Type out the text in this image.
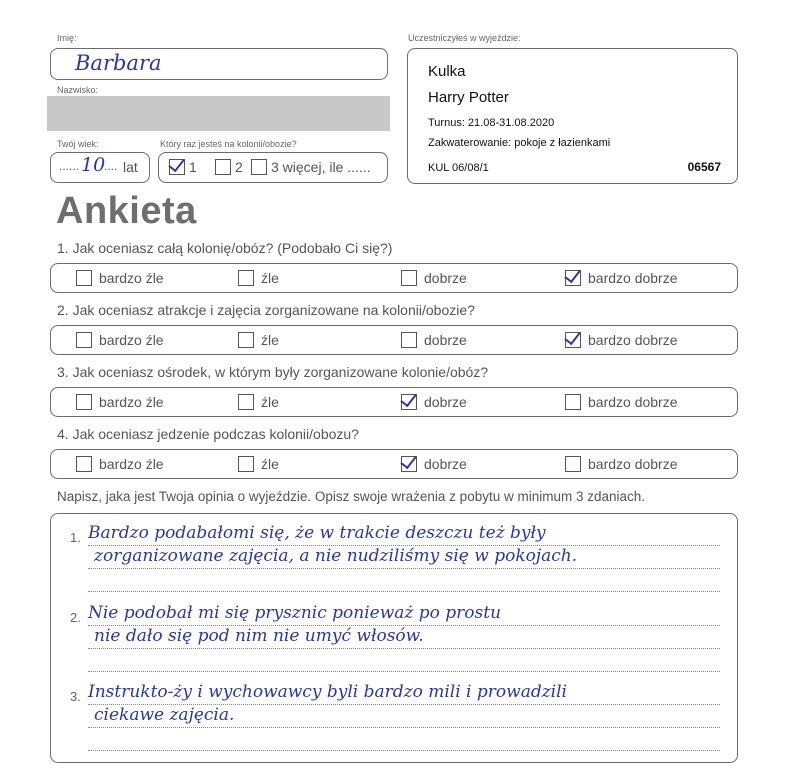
Imię:
Barbara
Nazwisko:
Twój wiek:
...... 10
.... lat
Który raz jesteś na kolonii/obozie?
1	2 3 więcej, ile ......
Uczestniczyłeś w wyjeździe:
Kulka
Harry Potter
Turnus: 21.08-31.08.2020
Zakwaterowanie: pokoje z łazienkami
KUL 06/08/1	06567
Ankieta
1. Jak oceniasz całą kolonię/obóz? (Podobało Ci się?)
bardzo źle	źle	dobrze	bardzo dobrze
2. Jak oceniasz atrakcje i zajęcia zorganizowane na kolonii/obozie?
bardzo źle	źle	dobrze	bardzo dobrze
3. Jak oceniasz ośrodek, w którym były zorganizowane kolonie/obóz?
bardzo źle	źle	dobrze	bardzo dobrze
4. Jak oceniasz jedzenie podczas kolonii/obozu?
bardzo źle	źle	dobrze	bardzo dobrze
Napisz, jaka jest Twoja opinia o wyjeździe. Opisz swoje wrażenia z pobytu w minimum 3 zdaniach.
1. Bardzo podabałomi się, że w trakcie deszczu też były
zorganizowane zajęcia, a nie nudziliśmy się w pokojach.
2. Nie podobał mi się prysznic ponieważ po prostu
nie dało się pod nim nie umyć włosów.
3. Instrukto-ży i wychowawcy byli bardzo mili i prowadzili
ciekawe zajęcia.
